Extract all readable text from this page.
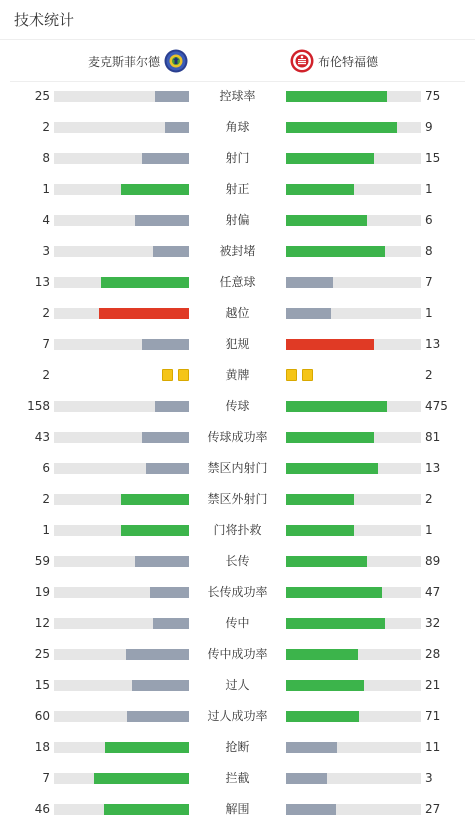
技术统计
麦克斯菲尔德	布伦特福德
25	控球率	75
2	角球	9
8	射门	15
1	射正	1
4	射偏	6
3	被封堵	8
13	任意球	7
2	越位	1
7	犯规	13
2	黄牌	2
158	传球	475
43	传球成功率	81
6	禁区内射门	13
2	禁区外射门	2
1	门将扑救	1
59	长传	89
19	长传成功率	47
12	传中	32
25	传中成功率	28
15	过人	21
60	过人成功率	71
18	抢断	11
7	拦截	3
46	解围	27
